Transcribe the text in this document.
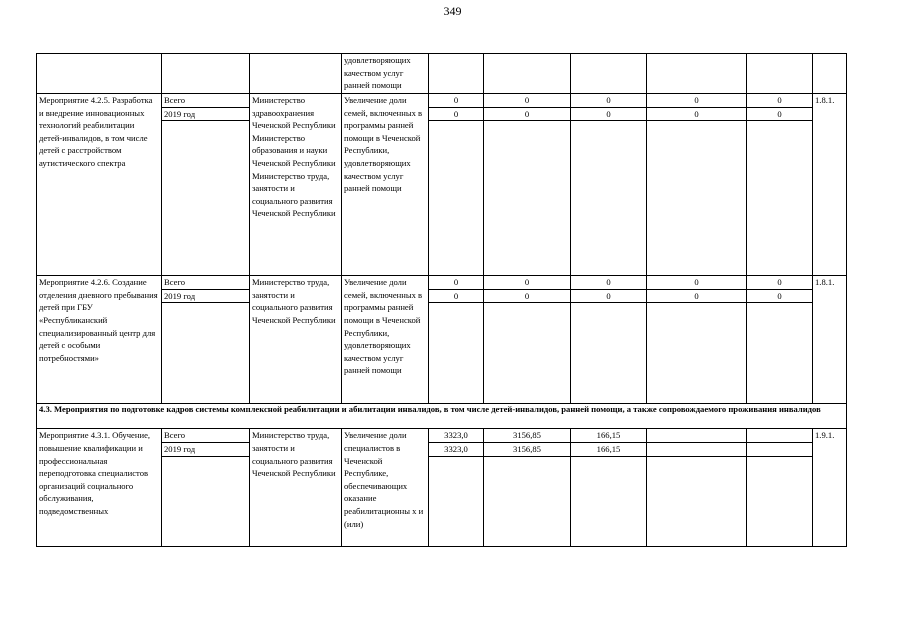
349
			удовлетворяющих качеством услуг ранней помощи							
Мероприятие 4.2.5. Разработка и внедрение инновационных технологий реабилитации детей-инвалидов, в том числе детей с расстройством аутистического спектра	Всего	Министерство здравоохранения Чеченской Республики Министерство образования и науки Чеченской Республики Министерство труда, занятости и социального развития Чеченской Республики	Увеличение доли семей, включенных в программы ранней помощи в Чеченской Республики, удовлетворяющих качеством услуг ранней помощи	0	0	0	0	0	1.8.1.	
	2019 год			0	0	0	0	0		

Мероприятие 4.2.6. Создание отделения дневного пребывания детей при ГБУ «Республиканский специализированный центр для детей с особыми потребностями»	Всего	Министерство труда, занятости и социального развития Чеченской Республики	Увеличение доли семей, включенных в программы ранней помощи в Чеченской Республики, удовлетворяющих качеством услуг ранней помощи	0	0	0	0	0	1.8.1.	
	2019 год			0	0	0	0	0		

4.3. Мероприятия по подготовке кадров системы комплексной реабилитации и абилитации инвалидов, в том числе детей-инвалидов, ранней помощи, а также сопровождаемого проживания инвалидов										
Мероприятие 4.3.1. Обучение, повышение квалификации и профессиональная переподготовка специалистов организаций социального обслуживания, подведомственных	Всего	Министерство труда, занятости и социального развития Чеченской Республики	Увеличение доли специалистов в Чеченской Республике, обеспечивающих оказание реабилитационны х и (или)	3323,0	3156,85	166,15			1.9.1.	
	2019 год			3323,0	3156,85	166,15				
